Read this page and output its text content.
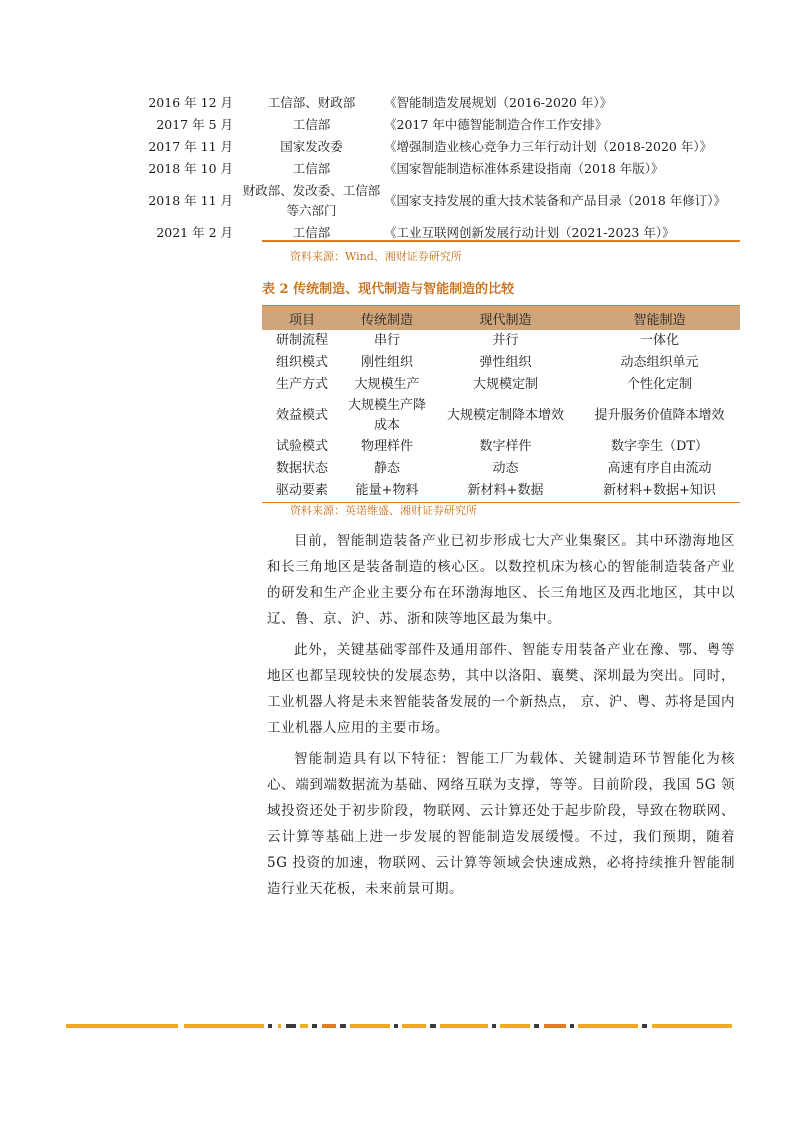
2016 年 12 月	工信部、财政部	《智能制造发展规划（2016-2020 年）》
2017 年 5 月	工信部	《2017 年中德智能制造合作工作安排》
2017 年 11 月	国家发改委	《增强制造业核心竞争力三年行动计划（2018-2020 年）》
2018 年 10 月	工信部	《国家智能制造标准体系建设指南（2018 年版）》
2018 年 11 月	财政部、发改委、工信部等六部门	《国家支持发展的重大技术装备和产品目录（2018 年修订）》
2021 年 2 月	工信部	《工业互联网创新发展行动计划（2021-2023 年）》
资料来源：Wind、湘财证券研究所
表 2 传统制造、现代制造与智能制造的比较
项目	传统制造	现代制造	智能制造
研制流程	串行	并行	一体化
组织模式	刚性组织	弹性组织	动态组织单元
生产方式	大规模生产	大规模定制	个性化定制
效益模式	大规模生产降成本	大规模定制降本增效	提升服务价值降本增效
试验模式	物理样件	数字样件	数字孪生（DT）
数据状态	静态	动态	高速有序自由流动
驱动要素	能量+物料	新材料+数据	新材料+数据+知识
资料来源：英诺维盛、湘财证券研究所

目前，智能制造装备产业已初步形成七大产业集聚区。其中环渤海地区和长三角地区是装备制造的核心区。以数控机床为核心的智能制造装备产业的研发和生产企业主要分布在环渤海地区、长三角地区及西北地区，其中以辽、鲁、京、沪、苏、浙和陕等地区最为集中。

此外，关键基础零部件及通用部件、智能专用装备产业在豫、鄂、粤等地区也都呈现较快的发展态势，其中以洛阳、襄樊、深圳最为突出。同时，工业机器人将是未来智能装备发展的一个新热点， 京、沪、粤、苏将是国内工业机器人应用的主要市场。

智能制造具有以下特征：智能工厂为载体、关键制造环节智能化为核心、端到端数据流为基础、网络互联为支撑，等等。目前阶段，我国 5G 领域投资还处于初步阶段，物联网、云计算还处于起步阶段，导致在物联网、云计算等基础上进一步发展的智能制造发展缓慢。不过，我们预期，随着 5G 投资的加速，物联网、云计算等领域会快速成熟，必将持续推升智能制造行业天花板，未来前景可期。
